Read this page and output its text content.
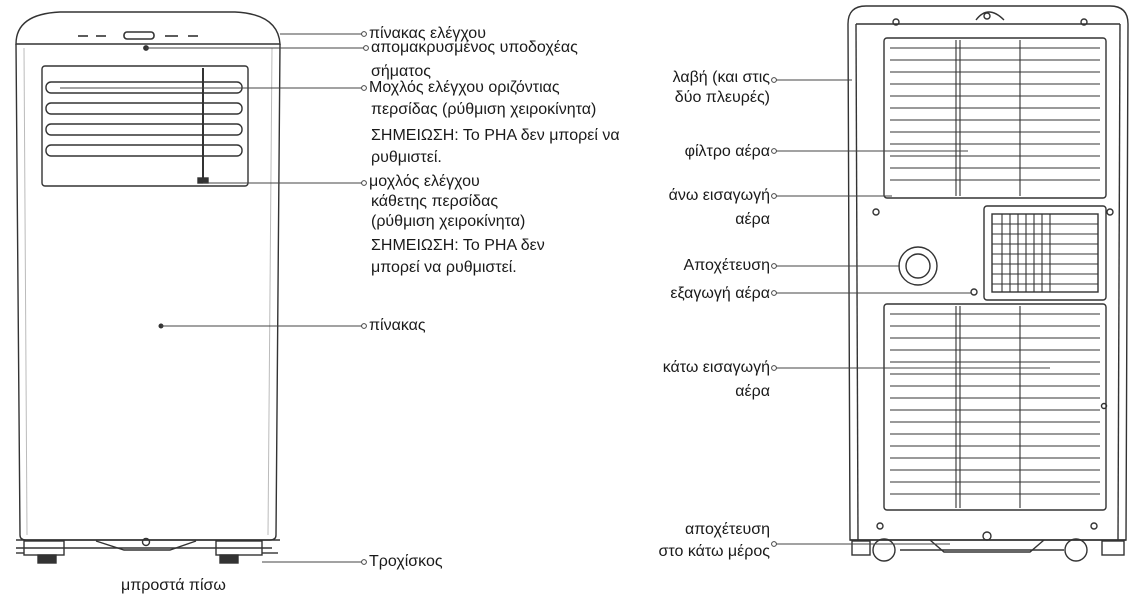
πίνακας ελέγχου
απομακρυσμένος υποδοχέας
σήματος
Μοχλός ελέγχου οριζόντιας
περσίδας (ρύθμιση χειροκίνητα)
ΣΗΜΕΙΩΣΗ: Το PHA δεν μπορεί να
ρυθμιστεί.
μοχλός ελέγχου
κάθετης περσίδας
(ρύθμιση χειροκίνητα)
ΣΗΜΕΙΩΣΗ: Το PHA δεν
μπορεί να ρυθμιστεί.
πίνακας
Τροχίσκος
λαβή (και στις
δύο πλευρές)
φίλτρο αέρα
άνω εισαγωγή
αέρα
Αποχέτευση
εξαγωγή αέρα
κάτω εισαγωγή
αέρα
αποχέτευση
στο κάτω μέρος
μπροστά πίσω
